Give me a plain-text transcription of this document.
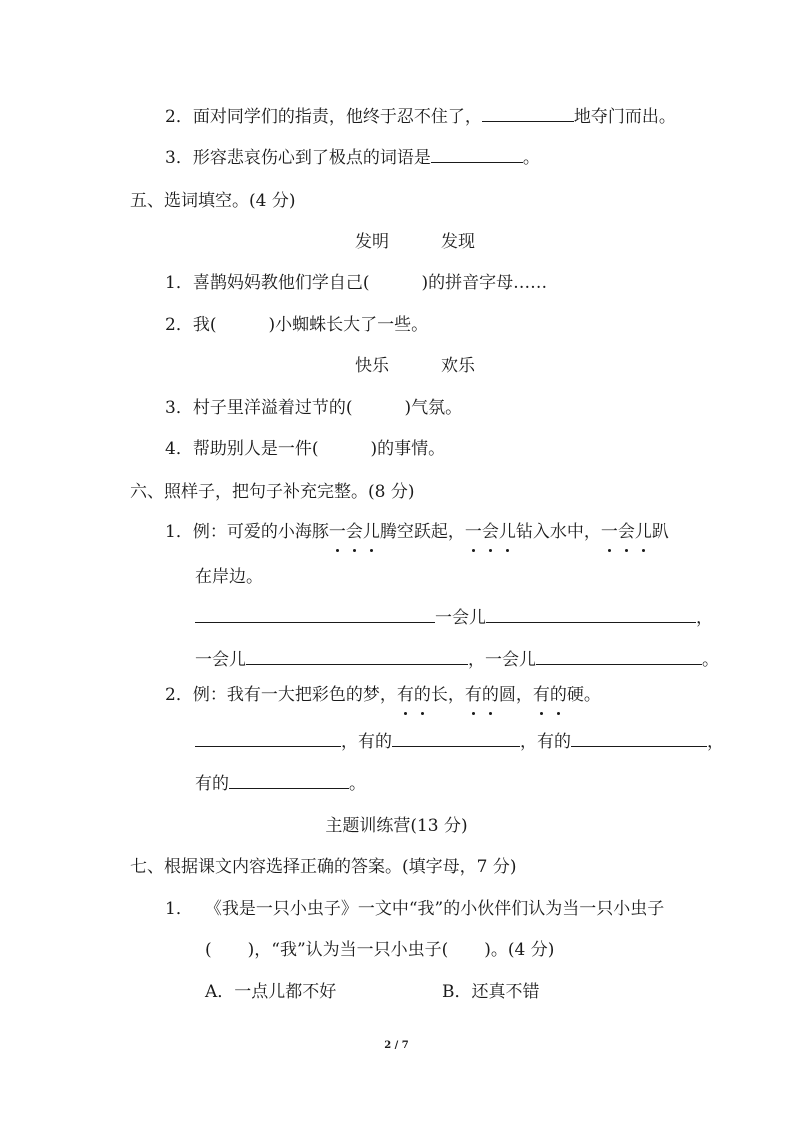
2．面对同学们的指责，他终于忍不住了，	地夺门而出。
3．形容悲哀伤心到了极点的词语是	。
五、选词填空。(4 分)
发明	发现
1．喜鹊妈妈教他们学自己(	)的拼音字母……
2．我(	)小蜘蛛长大了一些。
快乐	欢乐
3．村子里洋溢着过节的(	)气氛。
4．帮助别人是一件(	)的事情。
六、照样子，把句子补充完整。(8 分)
1．例：可爱的小海豚一会儿腾空跃起，一会儿钻入水中，一会儿趴
在岸边。
一会儿	，
一会儿	，一会儿	。
2．例：我有一大把彩色的梦，有的长，有的圆，有的硬。
，有的	，有的	，
有的	。
主题训练营(13 分)
七、根据课文内容选择正确的答案。(填字母，7 分)
1． 《我是一只小虫子》一文中“我”的小伙伴们认为当一只小虫子
( )，“我”认为当一只小虫子( )。(4 分)
A．一点儿都不好	B．还真不错
2 / 7
